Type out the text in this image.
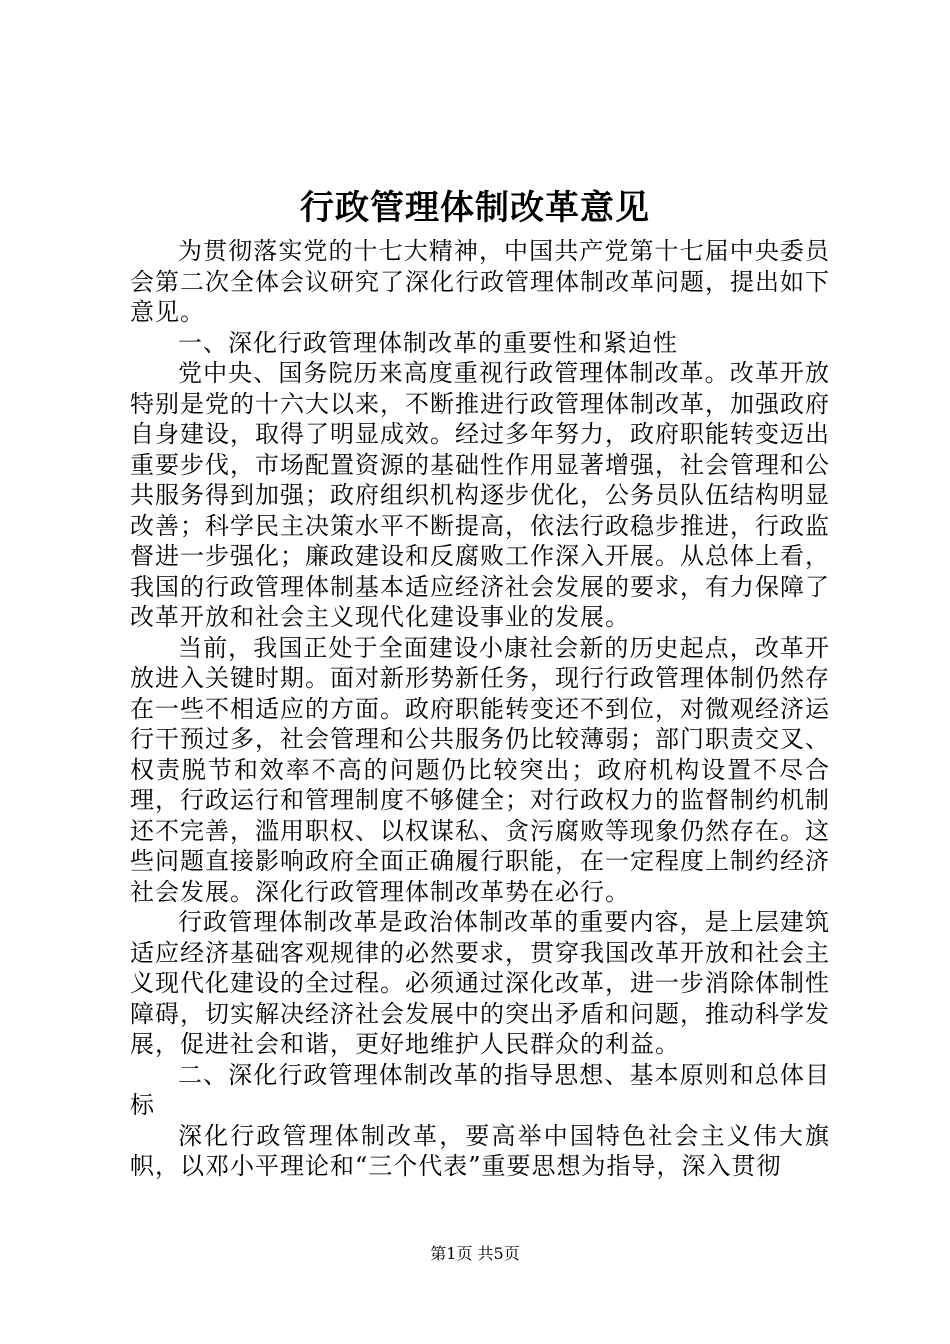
行政管理体制改革意见

为贯彻落实党的十七大精神，中国共产党第十七届中央委员会第二次全体会议研究了深化行政管理体制改革问题，提出如下意见。

一、深化行政管理体制改革的重要性和紧迫性

党中央、国务院历来高度重视行政管理体制改革。改革开放特别是党的十六大以来，不断推进行政管理体制改革，加强政府自身建设，取得了明显成效。经过多年努力，政府职能转变迈出重要步伐，市场配置资源的基础性作用显著增强，社会管理和公共服务得到加强；政府组织机构逐步优化，公务员队伍结构明显改善；科学民主决策水平不断提高，依法行政稳步推进，行政监督进一步强化；廉政建设和反腐败工作深入开展。从总体上看，我国的行政管理体制基本适应经济社会发展的要求，有力保障了改革开放和社会主义现代化建设事业的发展。

当前，我国正处于全面建设小康社会新的历史起点，改革开放进入关键时期。面对新形势新任务，现行行政管理体制仍然存在一些不相适应的方面。政府职能转变还不到位，对微观经济运行干预过多，社会管理和公共服务仍比较薄弱；部门职责交叉、权责脱节和效率不高的问题仍比较突出；政府机构设置不尽合理，行政运行和管理制度不够健全；对行政权力的监督制约机制还不完善，滥用职权、以权谋私、贪污腐败等现象仍然存在。这些问题直接影响政府全面正确履行职能，在一定程度上制约经济社会发展。深化行政管理体制改革势在必行。

行政管理体制改革是政治体制改革的重要内容，是上层建筑适应经济基础客观规律的必然要求，贯穿我国改革开放和社会主义现代化建设的全过程。必须通过深化改革，进一步消除体制性障碍，切实解决经济社会发展中的突出矛盾和问题，推动科学发展，促进社会和谐，更好地维护人民群众的利益。

二、深化行政管理体制改革的指导思想、基本原则和总体目标

深化行政管理体制改革，要高举中国特色社会主义伟大旗帜，以邓小平理论和“三个代表”重要思想为指导，深入贯彻

第1页 共5页
